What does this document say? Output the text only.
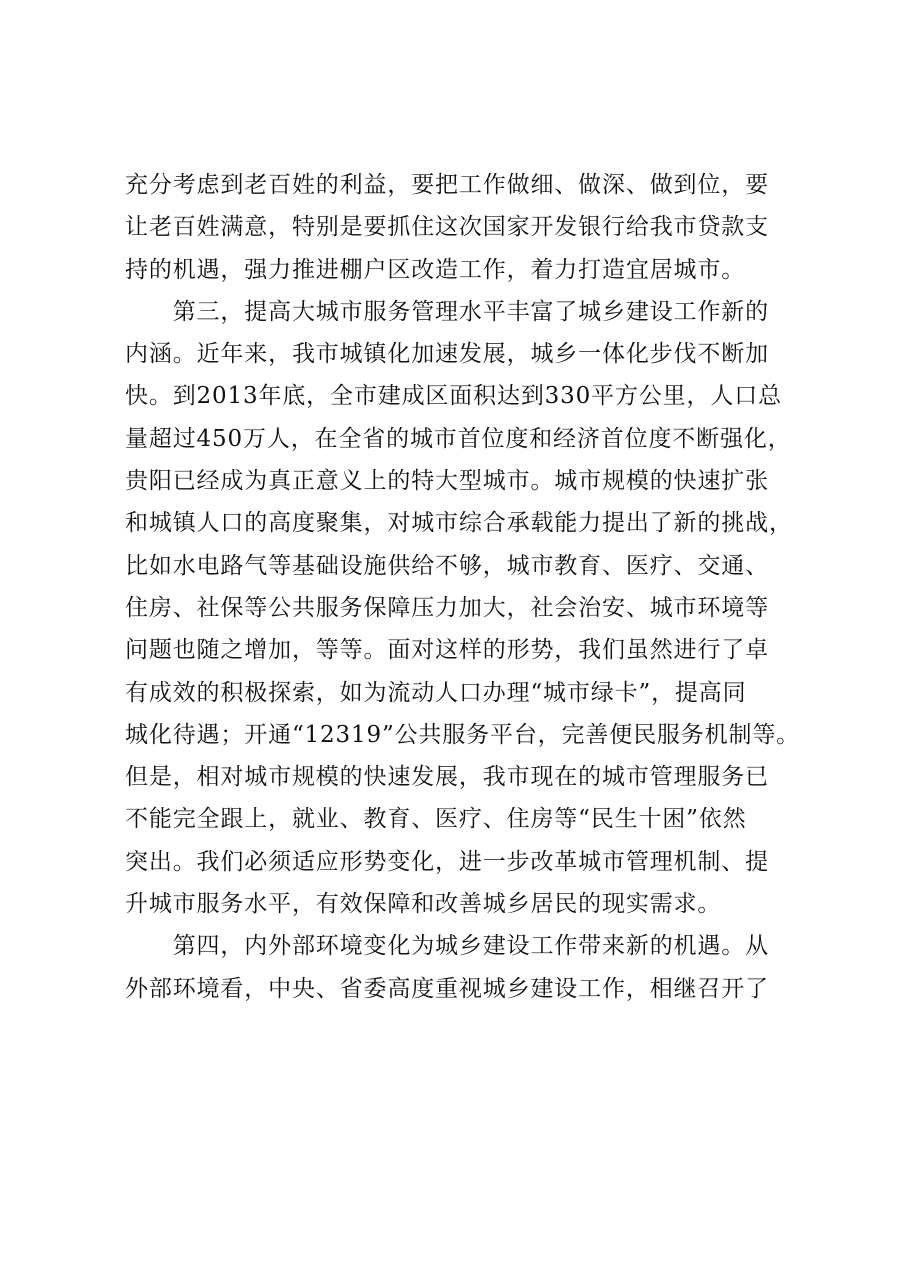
充分考虑到老百姓的利益，要把工作做细、做深、做到位，要
让老百姓满意，特别是要抓住这次国家开发银行给我市贷款支
持的机遇，强力推进棚户区改造工作，着力打造宜居城市。
　　第三，提高大城市服务管理水平丰富了城乡建设工作新的
内涵。近年来，我市城镇化加速发展，城乡一体化步伐不断加
快。到2013年底，全市建成区面积达到330平方公里，人口总
量超过450万人，在全省的城市首位度和经济首位度不断强化，
贵阳已经成为真正意义上的特大型城市。城市规模的快速扩张
和城镇人口的高度聚集，对城市综合承载能力提出了新的挑战，
比如水电路气等基础设施供给不够，城市教育、医疗、交通、
住房、社保等公共服务保障压力加大，社会治安、城市环境等
问题也随之增加，等等。面对这样的形势，我们虽然进行了卓
有成效的积极探索，如为流动人口办理“城市绿卡”，提高同
城化待遇；开通“12319”公共服务平台，完善便民服务机制等。
但是，相对城市规模的快速发展，我市现在的城市管理服务已
不能完全跟上，就业、教育、医疗、住房等“民生十困”依然
突出。我们必须适应形势变化，进一步改革城市管理机制、提
升城市服务水平，有效保障和改善城乡居民的现实需求。
　　第四，内外部环境变化为城乡建设工作带来新的机遇。从
外部环境看，中央、省委高度重视城乡建设工作，相继召开了
